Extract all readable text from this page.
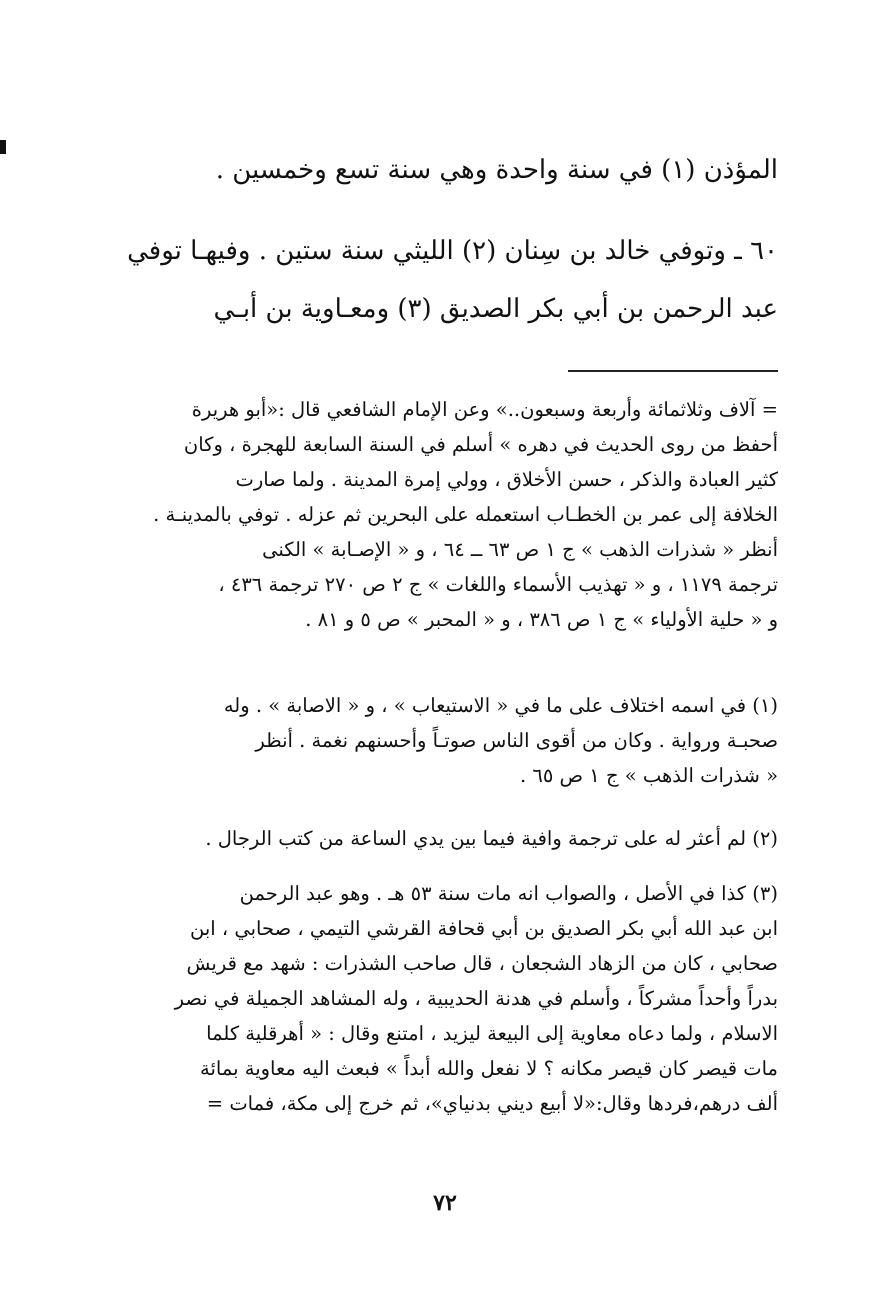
المؤذن (١) في سنة واحدة وهي سنة تسع وخمسين .
٦٠ ـ وتوفي خالد بن سِنان (٢) الليثي سنة ستين . وفيهـا توفي
عبد الرحمن بن أبي بكر الصديق (٣) ومعـاوية بن أبـي
= آلاف وثلاثمائة وأربعة وسبعون..» وعن الإمام الشافعي قال :«أبو هريرة
أحفظ من روى الحديث في دهره » أسلم في السنة السابعة للهجرة ، وكان
كثير العبادة والذكر ، حسن الأخلاق ، وولي إمرة المدينة . ولما صارت
الخلافة إلى عمر بن الخطـاب استعمله على البحرين ثم عزله . توفي بالمدينـة .
أنظر « شذرات الذهب » ج ١ ص ٦٣ ــ ٦٤ ، و « الإصـابة » الكنى
ترجمة ١١٧٩ ، و « تهذيب الأسماء واللغات » ج ٢ ص ٢٧٠ ترجمة ٤٣٦ ،
و « حلية الأولياء » ج ١ ص ٣٨٦ ، و « المحبر » ص ٥ و ٨١ .
(١) في اسمه اختلاف على ما في « الاستيعاب » ، و « الاصابة » . وله
صحبـة ورواية . وكان من أقوى الناس صوتـاً وأحسنهم نغمة . أنظر
« شذرات الذهب » ج ١ ص ٦٥ .
(٢) لم أعثر له على ترجمة وافية فيما بين يدي الساعة من كتب الرجال .
(٣) كذا في الأصل ، والصواب انه مات سنة ٥٣ هـ . وهو عبد الرحمن
ابن عبد الله أبي بكر الصديق بن أبي قحافة القرشي التيمي ، صحابي ، ابن
صحابي ، كان من الزهاد الشجعان ، قال صاحب الشذرات : شهد مع قريش
بدراً وأحداً مشركاً ، وأسلم في هدنة الحديبية ، وله المشاهد الجميلة في نصر
الاسلام ، ولما دعاه معاوية إلى البيعة ليزيد ، امتنع وقال : « أهرقلية كلما
مات قيصر كان قيصر مكانه ؟ لا نفعل والله أبداً » فبعث اليه معاوية بمائة
ألف درهم،فردها وقال:«لا أبيع ديني بدنياي»، ثم خرج إلى مكة، فمات =
٧٢
